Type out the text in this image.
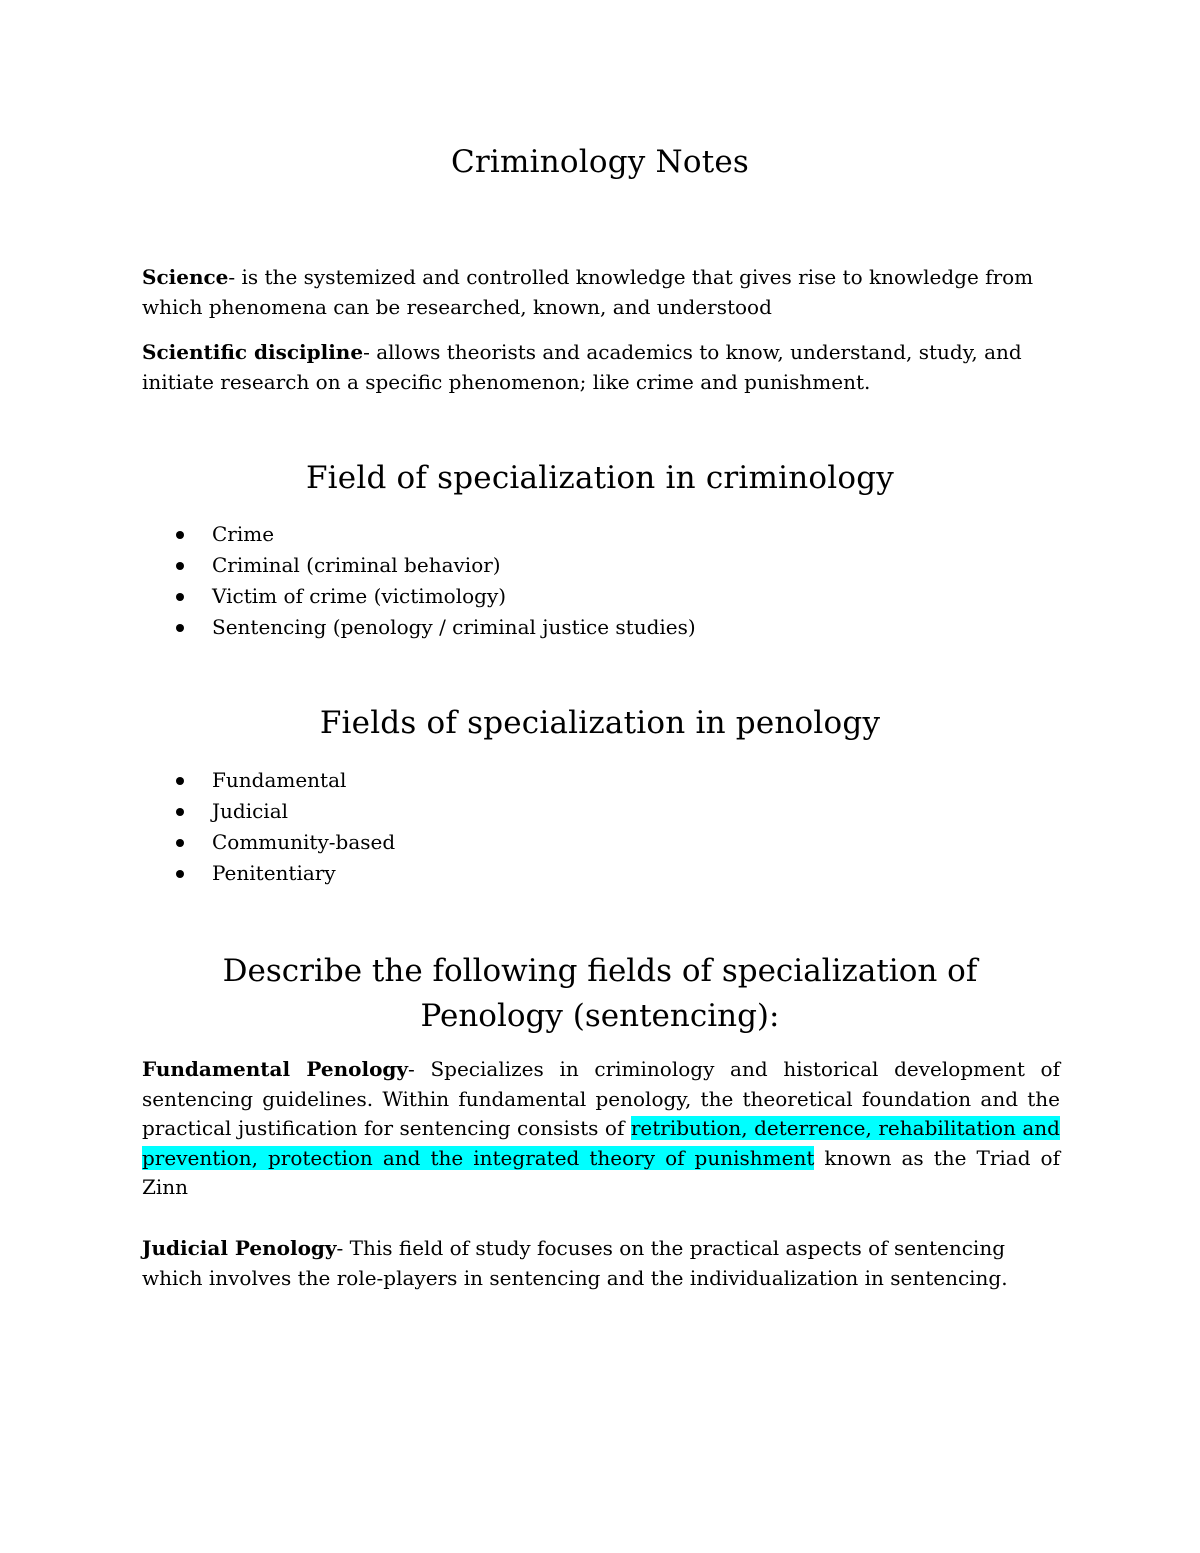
Criminology Notes

Science- is the systemized and controlled knowledge that gives rise to knowledge from which phenomena can be researched, known, and understood

Scientific discipline- allows theorists and academics to know, understand, study, and initiate research on a specific phenomenon; like crime and punishment.

Field of specialization in criminology
Crime
Criminal (criminal behavior)
Victim of crime (victimology)
Sentencing (penology / criminal justice studies)
Fields of specialization in penology
Fundamental
Judicial
Community-based
Penitentiary
Describe the following fields of specialization of
Penology (sentencing):

Fundamental Penology- Specializes in criminology and historical development of sentencing guidelines. Within fundamental penology, the theoretical foundation and the practical justification for sentencing consists of retribution, deterrence, rehabilitation and prevention, protection and the integrated theory of punishment known as the Triad of Zinn

Judicial Penology- This field of study focuses on the practical aspects of sentencing which involves the role-players in sentencing and the individualization in sentencing.
